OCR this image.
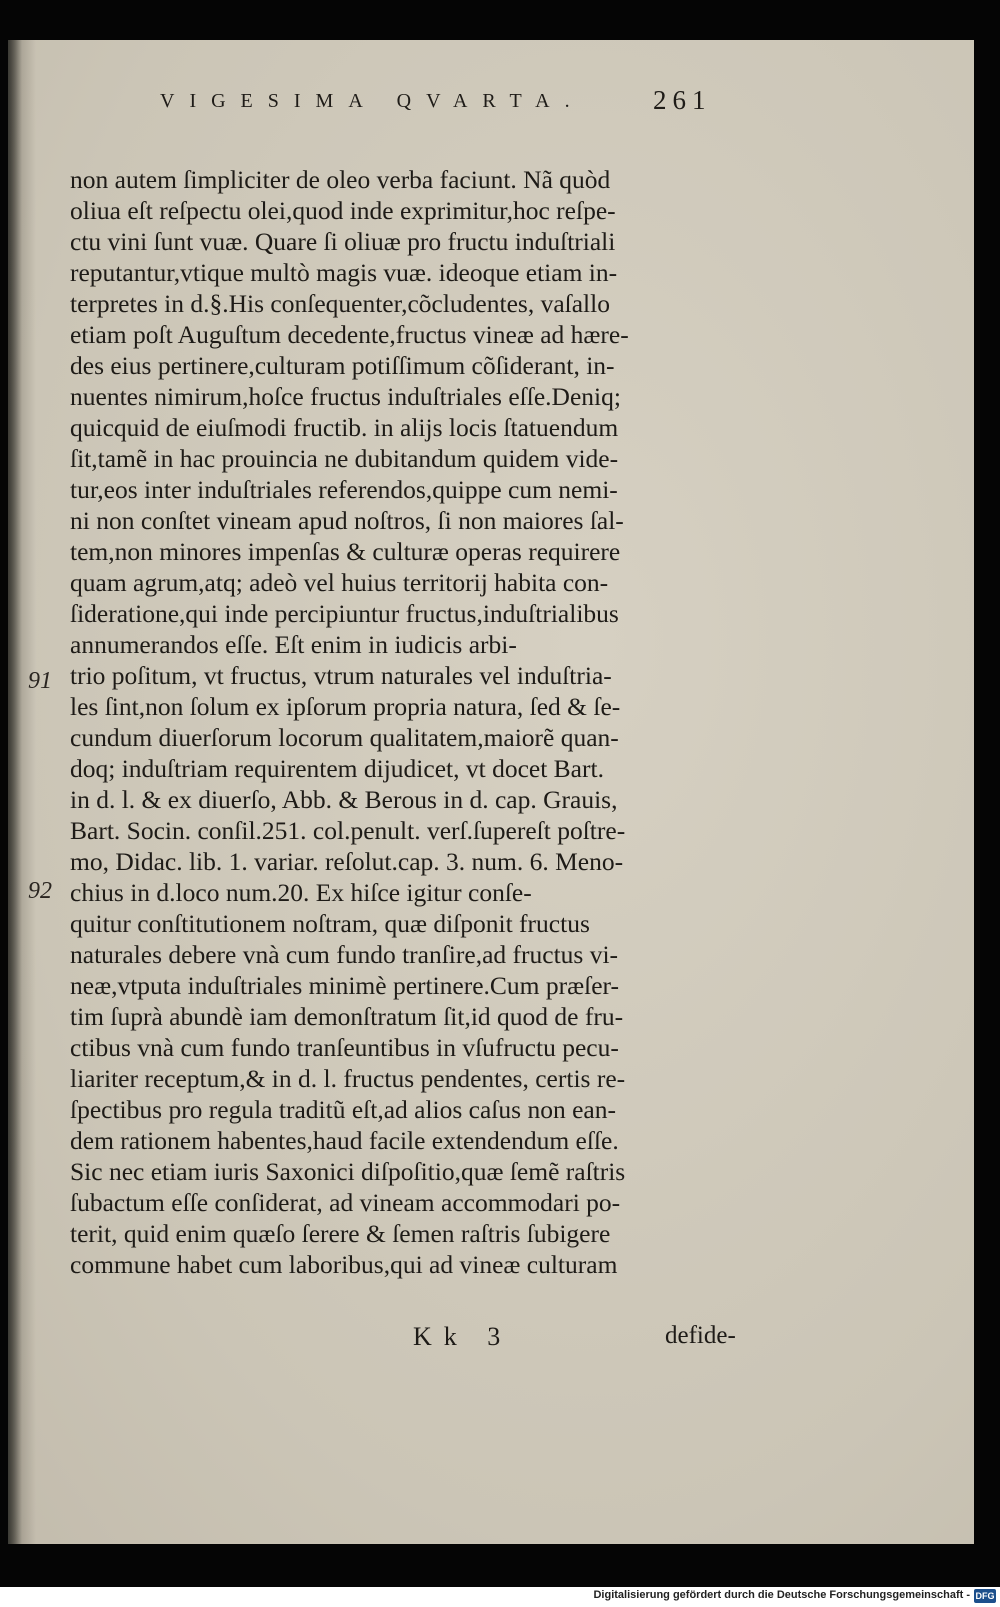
VIGESIMA QVARTA.	261
91
92
non autem ſimpliciter de oleo verba faciunt. Nã quòd
oliua eſt reſpectu olei,quod inde exprimitur,hoc reſpe-
ctu vini ſunt vuæ. Quare ſi oliuæ pro fructu induſtriali
reputantur,vtique multò magis vuæ. ideoque etiam in-
terpretes in d.§.His conſequenter,cõcludentes, vaſallo
etiam poſt Auguſtum decedente,fructus vineæ ad hære-
des eius pertinere,culturam potiſſimum cõſiderant, in-
nuentes nimirum,hoſce fructus induſtriales eſſe.Deniq;
quicquid de eiuſmodi fructib. in alijs locis ſtatuendum
ſit,tamẽ in hac prouincia ne dubitandum quidem vide-
tur,eos inter induſtriales referendos,quippe cum nemi-
ni non conſtet vineam apud noſtros, ſi non maiores ſal-
tem,non minores impenſas & culturæ operas requirere
quam agrum,atq; adeò vel huius territorij habita con-
ſideratione,qui inde percipiuntur fructus,induſtrialibus
annumerandos eſſe. Eſt enim in iudicis arbi-
trio poſitum, vt fructus, vtrum naturales vel induſtria-
les ſint,non ſolum ex ipſorum propria natura, ſed & ſe-
cundum diuerſorum locorum qualitatem,maiorẽ quan-
doq; induſtriam requirentem dijudicet, vt docet Bart.
in d. l. & ex diuerſo, Abb. & Berous in d. cap. Grauis,
Bart. Socin. conſil.251. col.penult. verſ.ſupereſt poſtre-
mo, Didac. lib. 1. variar. reſolut.cap. 3. num. 6. Meno-
chius in d.loco num.20. Ex hiſce igitur conſe-
quitur conſtitutionem noſtram, quæ diſponit fructus
naturales debere vnà cum fundo tranſire,ad fructus vi-
neæ,vtputa induſtriales minimè pertinere.Cum præſer-
tim ſuprà abundè iam demonſtratum ſit,id quod de fru-
ctibus vnà cum fundo tranſeuntibus in vſufructu pecu-
liariter receptum,& in d. l. fructus pendentes, certis re-
ſpectibus pro regula traditũ eſt,ad alios caſus non ean-
dem rationem habentes,haud facile extendendum eſſe.
Sic nec etiam iuris Saxonici diſpoſitio,quæ ſemẽ raſtris
ſubactum eſſe conſiderat, ad vineam accommodari po-
terit, quid enim quæſo ſerere & ſemen raſtris ſubigere
commune habet cum laboribus,qui ad vineæ culturam
Kk 3	defide-
Digitalisierung gefördert durch die Deutsche Forschungsgemeinschaft - DFG
